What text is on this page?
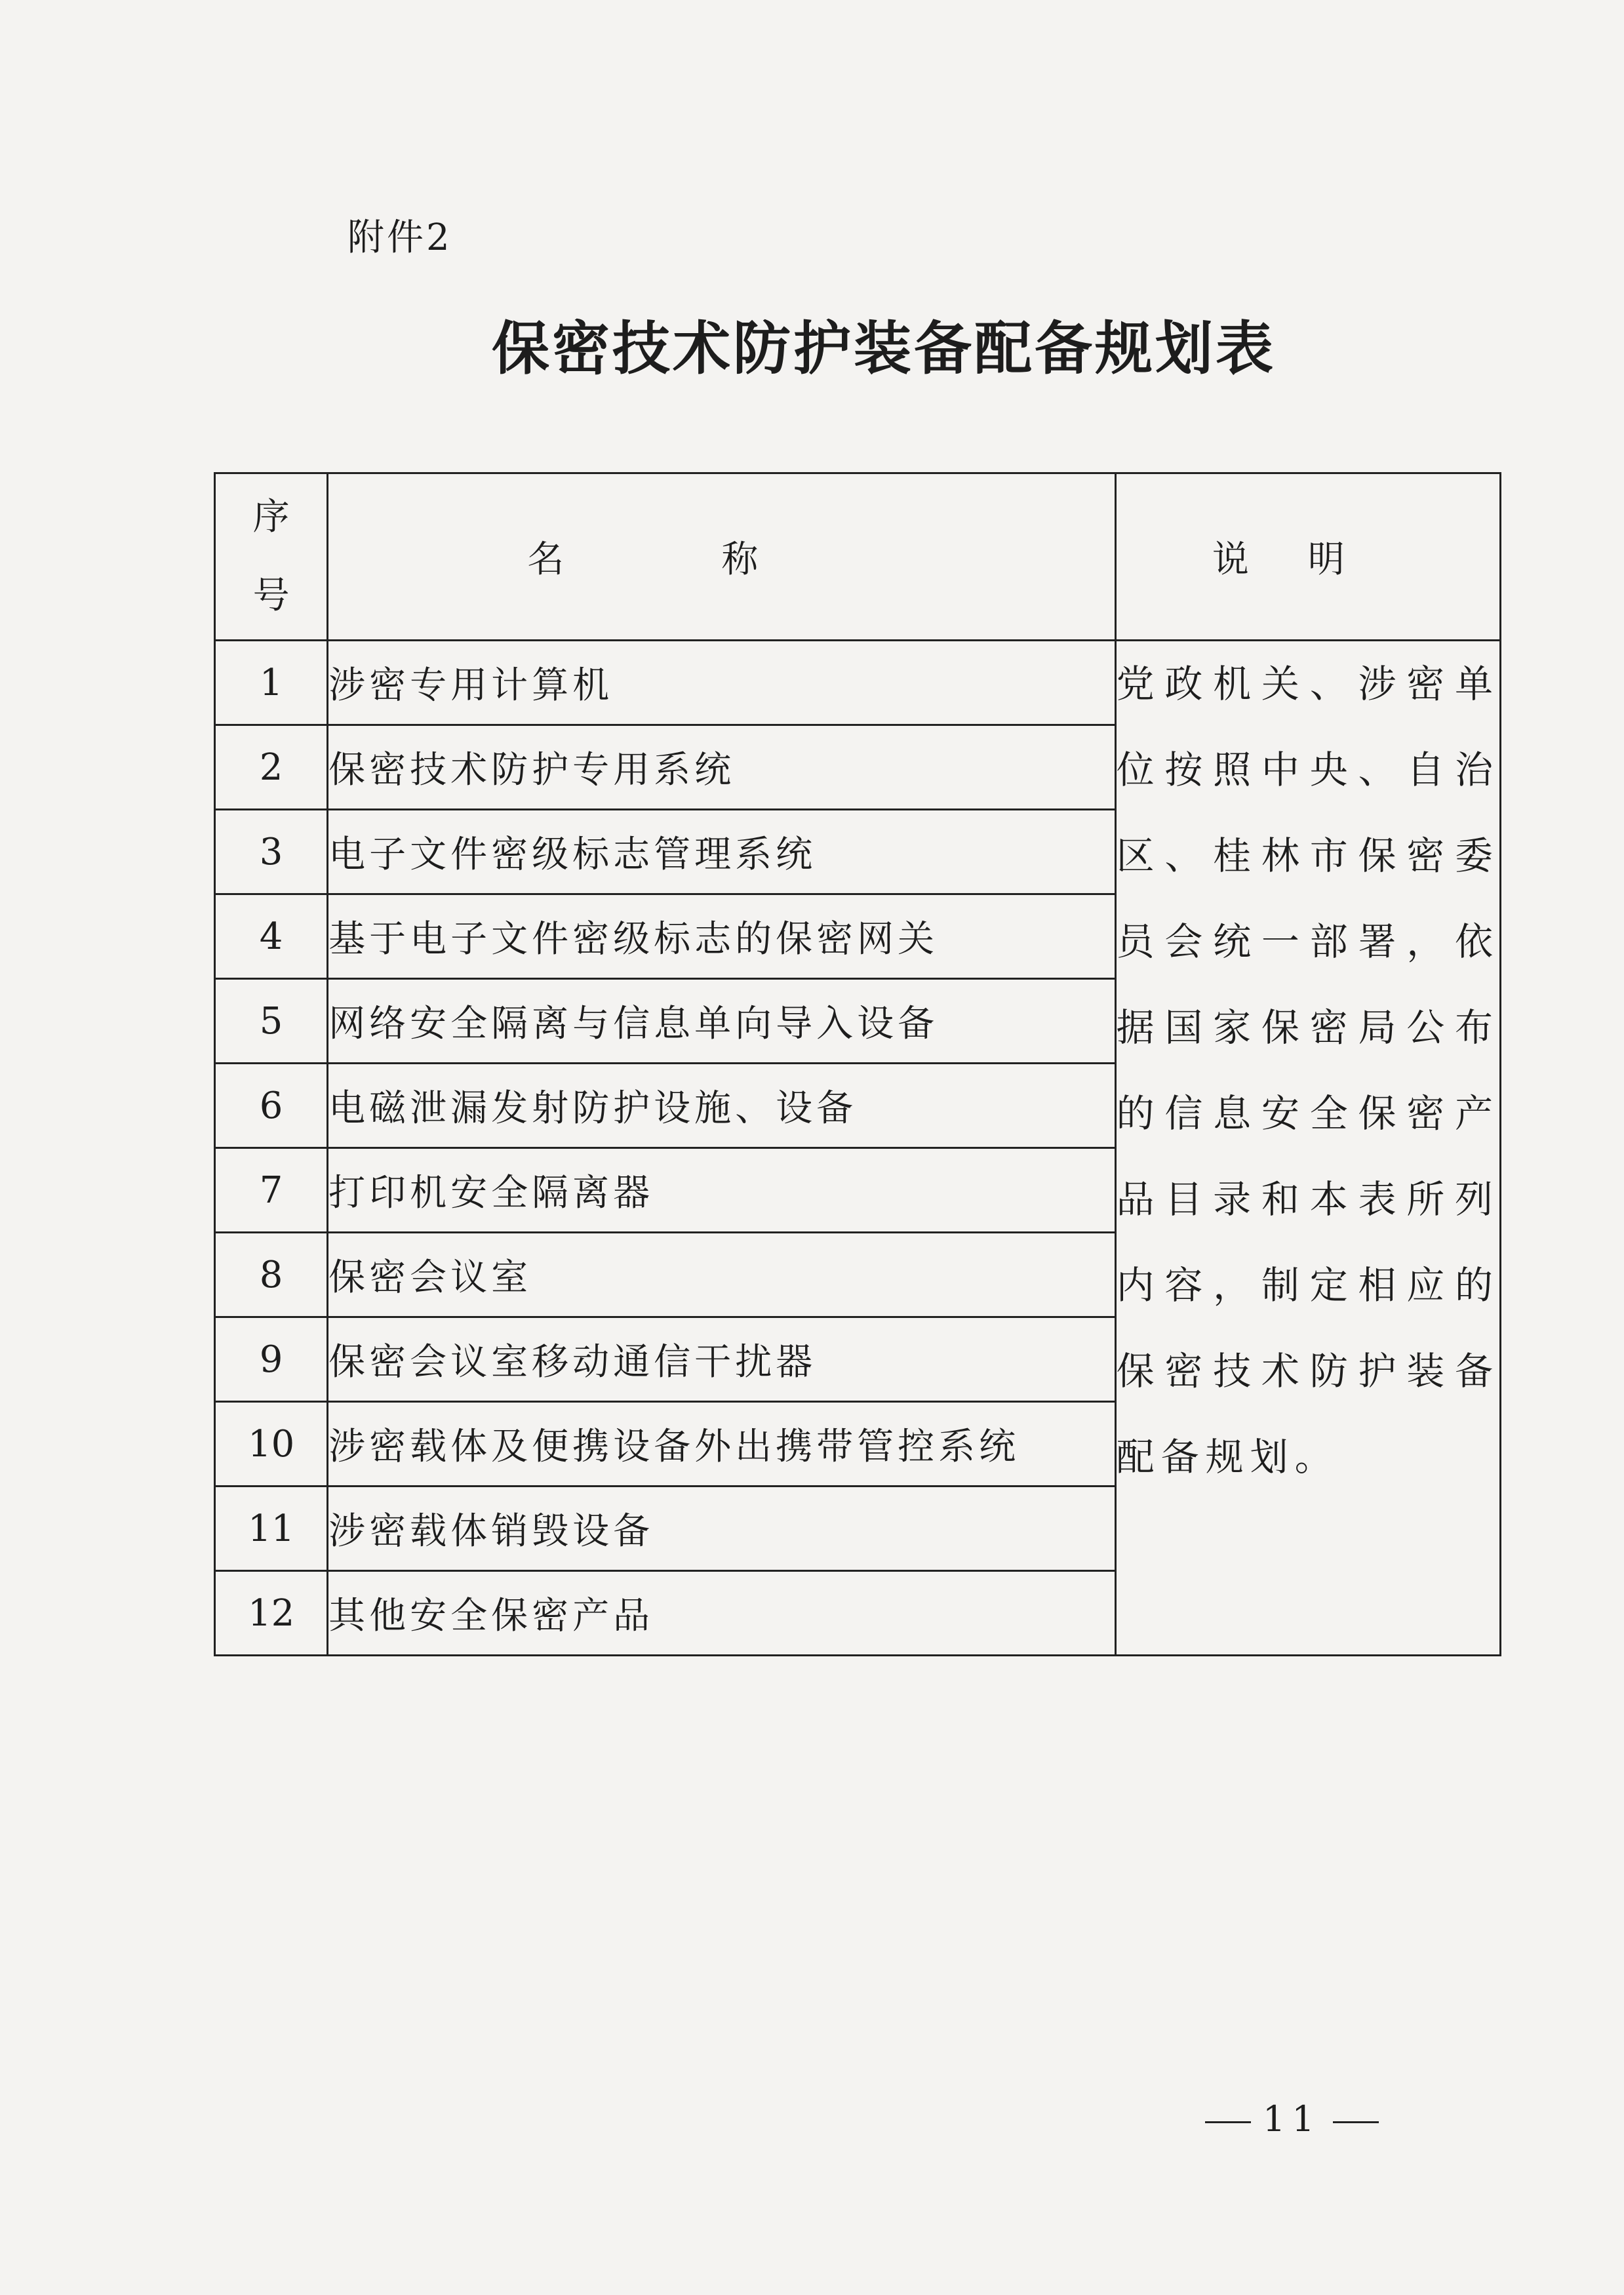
附件2
保密技术防护装备配备规划表
序
号	名称	说明
1	涉密专用计算机	党政机关、涉密单位按照中央、自治区、桂林市保密委员会统一部署，依据国家保密局公布的信息安全保密产品目录和本表所列内容，制定相应的保密技术防护装备配备规划。
2	保密技术防护专用系统	
3	电子文件密级标志管理系统	
4	基于电子文件密级标志的保密网关	
5	网络安全隔离与信息单向导入设备	
6	电磁泄漏发射防护设施、设备	
7	打印机安全隔离器	
8	保密会议室	
9	保密会议室移动通信干扰器	
10	涉密载体及便携设备外出携带管控系统	
11	涉密载体销毁设备	
12	其他安全保密产品	
11
